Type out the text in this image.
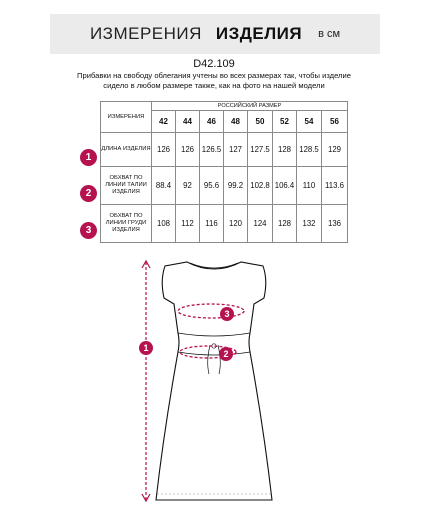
ИЗМЕРЕНИЯ ИЗДЕЛИЯ в см
D42.109
Прибавки на свободу облегания учтены во всех размерах так, чтобы изделие сидело в любом размере также, как на фото на нашей модели
ИЗМЕРЕНИЯ	РОССИЙСКИЙ РАЗМЕР							
	42	44	46	48	50	52	54	56
ДЛИНА ИЗДЕЛИЯ	126	126	126.5	127	127.5	128	128.5	129
ОБХВАТ ПО ЛИНИИ ТАЛИИ ИЗДЕЛИЯ	88.4	92	95.6	99.2	102.8	106.4	110	113.6
ОБХВАТ ПО ЛИНИИ ГРУДИ ИЗДЕЛИЯ	108	112	116	120	124	128	132	136
1
2
3
3
2
1
